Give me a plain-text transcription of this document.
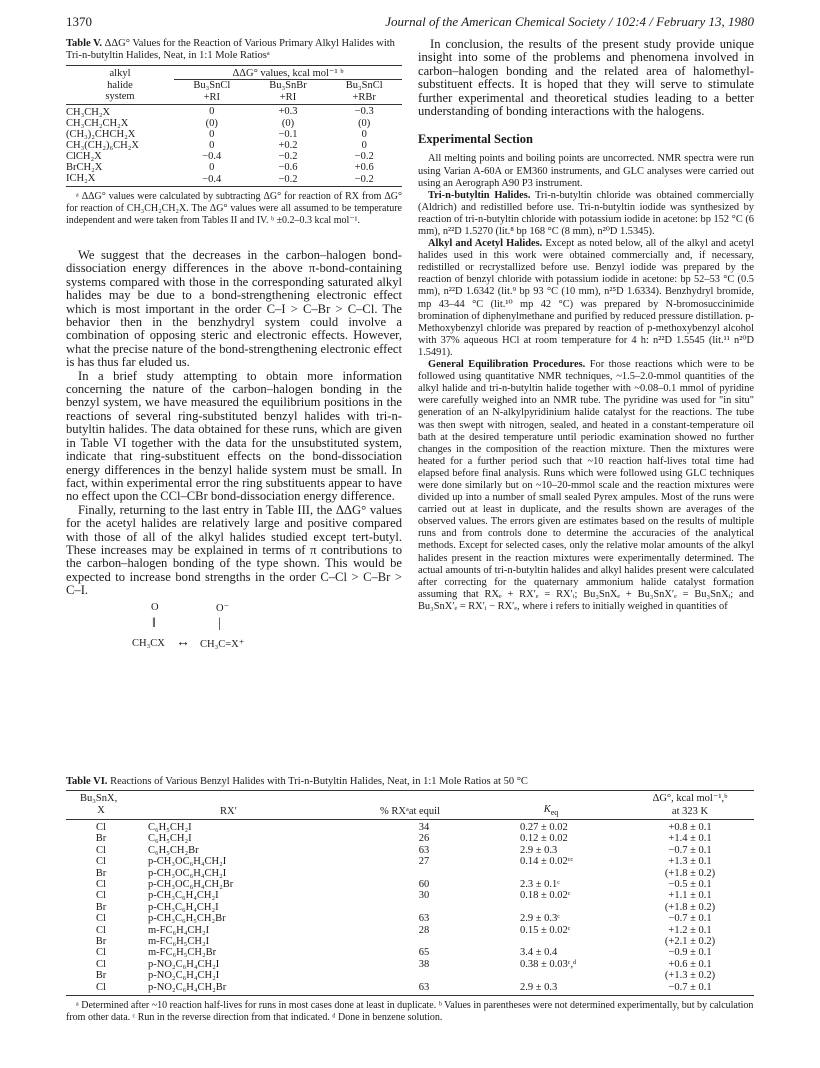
1370	Journal of the American Chemical Society / 102:4 / February 13, 1980
Table V. ΔΔG° Values for the Reaction of Various Primary Alkyl Halides with Tri-n-butyltin Halides, Neat, in 1:1 Mole Ratiosᵃ
alkyl	ΔΔG° values, kcal mol⁻¹ ᵇ		
halide	Bu₃SnCl	Bu₃SnBr	Bu₃SnCl
system	+RI	+RI	+RBr
CH₃CH₂X	0	+0.3	−0.3
CH₃CH₂CH₂X	(0)	(0)	(0)
(CH₃)₂CHCH₂X	0	−0.1	0
CH₃(CH₂)₆CH₂X	0	+0.2	0
ClCH₂X	−0.4	−0.2	−0.2
BrCH₂X	0	−0.6	+0.6
ICH₂X	−0.4	−0.2	−0.2
ᵃ ΔΔG° values were calculated by subtracting ΔG° for reaction of RX from ΔG° for reaction of CH₃CH₂CH₂X. The ΔG° values were all assumed to be temperature independent and were taken from Tables II and IV. ᵇ ±0.2–0.3 kcal mol⁻¹.

We suggest that the decreases in the carbon–halogen bond-dissociation energy differences in the above π-bond-containing systems compared with those in the corresponding saturated alkyl halides may be due to a bond-strengthening electronic effect which is most important in the order C–I > C–Br > C–Cl. The behavior then in the benzhydryl system could involve a combination of opposing steric and electronic effects. However, what the precise nature of the bond-strengthening electronic effect is has thus far eluded us.

In a brief study attempting to obtain more information concerning the nature of the carbon–halogen bonding in the benzyl system, we have measured the equilibrium positions in the reactions of several ring-substituted benzyl halides with tri-n-butyltin halides. The data obtained for these runs, which are given in Table VI together with the data for the unsubstituted system, indicate that ring-substituent effects on the bond-dissociation energy differences in the benzyl halide system must be small. In fact, within experimental error the ring substituents appear to have no effect upon the CCl–CBr bond-dissociation energy difference.

Finally, returning to the last entry in Table III, the ΔΔG° values for the acetyl halides are relatively large and positive compared with those of all of the alkyl halides studied except tert-butyl. These increases may be explained in terms of π contributions to the carbon–halogen bonding of the type shown. This would be expected to increase bond strengths in the order C–Cl > C–Br > C–I.

O	O⁻
‖	|
CH₃CX ↔ CH₃C=X⁺

In conclusion, the results of the present study provide unique insight into some of the problems and phenomena involved in carbon–halogen bonding and the related area of halomethyl-substituent effects. It is hoped that they will serve to stimulate further experimental and theoretical studies leading to a better understanding of bonding interactions with the halogens.

Experimental Section

All melting points and boiling points are uncorrected. NMR spectra were run using Varian A-60A or EM360 instruments, and GLC analyses were carried out using an Aerograph A90 P3 instrument.

Tri-n-butyltin Halides. Tri-n-butyltin chloride was obtained commercially (Aldrich) and redistilled before use. Tri-n-butyltin iodide was synthesized by reaction of tri-n-butyltin chloride with potassium iodide in acetone: bp 152 °C (6 mm), n²²D 1.5270 (lit.⁸ bp 168 °C (8 mm), n²⁰D 1.5345).

Alkyl and Acetyl Halides. Except as noted below, all of the alkyl and acetyl halides used in this work were obtained commercially and, if necessary, redistilled or recrystallized before use. Benzyl iodide was prepared by the reaction of benzyl chloride with potassium iodide in acetone: bp 52–53 °C (0.5 mm), n²²D 1.6342 (lit.⁹ bp 93 °C (10 mm), n²⁵D 1.6334). Benzhydryl bromide, mp 43–44 °C (lit.¹⁰ mp 42 °C) was prepared by N-bromosuccinimide bromination of diphenylmethane and purified by reduced pressure distillation. p-Methoxybenzyl chloride was prepared by reaction of p-methoxybenzyl alcohol with 37% aqueous HCl at room temperature for 4 h: n²²D 1.5545 (lit.¹¹ n²⁰D 1.5491).

General Equilibration Procedures. For those reactions which were to be followed using quantitative NMR techniques, ~1.5–2.0-mmol quantities of the alkyl halide and tri-n-butyltin halide together with ~0.08–0.1 mmol of pyridine were carefully weighed into an NMR tube. The pyridine was used for "in situ" generation of an N-alkylpyridinium halide catalyst for the reactions. The tube was then swept with nitrogen, sealed, and heated in a constant-temperature oil bath at the desired temperature until periodic examination showed no further changes in the composition of the reaction mixture. Then the mixtures were heated for a further period such that ~10 reaction half-lives total time had elapsed before final analysis. Runs which were followed using GLC techniques were done similarly but on ~10–20-mmol scale and the reaction mixtures were divided up into a number of small sealed Pyrex ampules. Most of the runs were carried out at least in duplicate, and the results shown are averages of the observed values. The errors given are estimates based on the results of multiple runs and from controls done to determine the accuracies of the analytical methods. Except for selected cases, only the relative molar amounts of the alkyl halides present in the reaction mixtures were experimentally determined. The actual amounts of tri-n-butyltin halides and alkyl halides present were calculated after correcting for the quaternary ammonium halide catalyst formation assuming that RXₑ + RX′ₑ = RX′ᵢ; Bu₃SnXₑ + Bu₃SnX′ₑ = Bu₃SnXᵢ; and Bu₃SnX′ₑ = RX′ᵢ − RX′ₑ, where i refers to initially weighed in quantities of

Table VI. Reactions of Various Benzyl Halides with Tri-n-Butyltin Halides, Neat, in 1:1 Mole Ratios at 50 °C
Bu₃SnX,				ΔG°, kcal mol⁻¹,ᵇ
X	RX′	% RXᵃat equil	$K_{eq}$	at 323 K
Cl	C₆H₅CH₂I	34	0.27 ± 0.02	+0.8 ± 0.1
Br	C₆H₅CH₂I	26	0.12 ± 0.02	+1.4 ± 0.1
Cl	C₆H₅CH₂Br	63	2.9 ± 0.3	−0.7 ± 0.1
Cl	p-CH₃OC₆H₄CH₂I	27	0.14 ± 0.02ᶜᶜ	+1.3 ± 0.1
Br	p-CH₃OC₆H₄CH₂I			(+1.8 ± 0.2)
Cl	p-CH₃OC₆H₄CH₂Br	60	2.3 ± 0.1ᶜ	−0.5 ± 0.1
Cl	p-CH₃C₆H₄CH₂I	30	0.18 ± 0.02ᶜ	+1.1 ± 0.1
Br	p-CH₃C₆H₄CH₂I			(+1.8 ± 0.2)
Cl	p-CH₃C₆H₅CH₂Br	63	2.9 ± 0.3ᶜ	−0.7 ± 0.1
Cl	m-FC₆H₄CH₂I	28	0.15 ± 0.02ᶜ	+1.2 ± 0.1
Br	m-FC₆H₅CH₂I			(+2.1 ± 0.2)
Cl	m-FC₆H₅CH₂Br	65	3.4 ± 0.4	−0.9 ± 0.1
Cl	p-NO₂C₆H₄CH₂I	38	0.38 ± 0.03ᶜ,ᵈ	+0.6 ± 0.1
Br	p-NO₂C₆H₄CH₂I			(+1.3 ± 0.2)
Cl	p-NO₂C₆H₄CH₂Br	63	2.9 ± 0.3	−0.7 ± 0.1
ᵃ Determined after ~10 reaction half-lives for runs in most cases done at least in duplicate. ᵇ Values in parentheses were not determined experimentally, but by calculation from other data. ᶜ Run in the reverse direction from that indicated. ᵈ Done in benzene solution.
